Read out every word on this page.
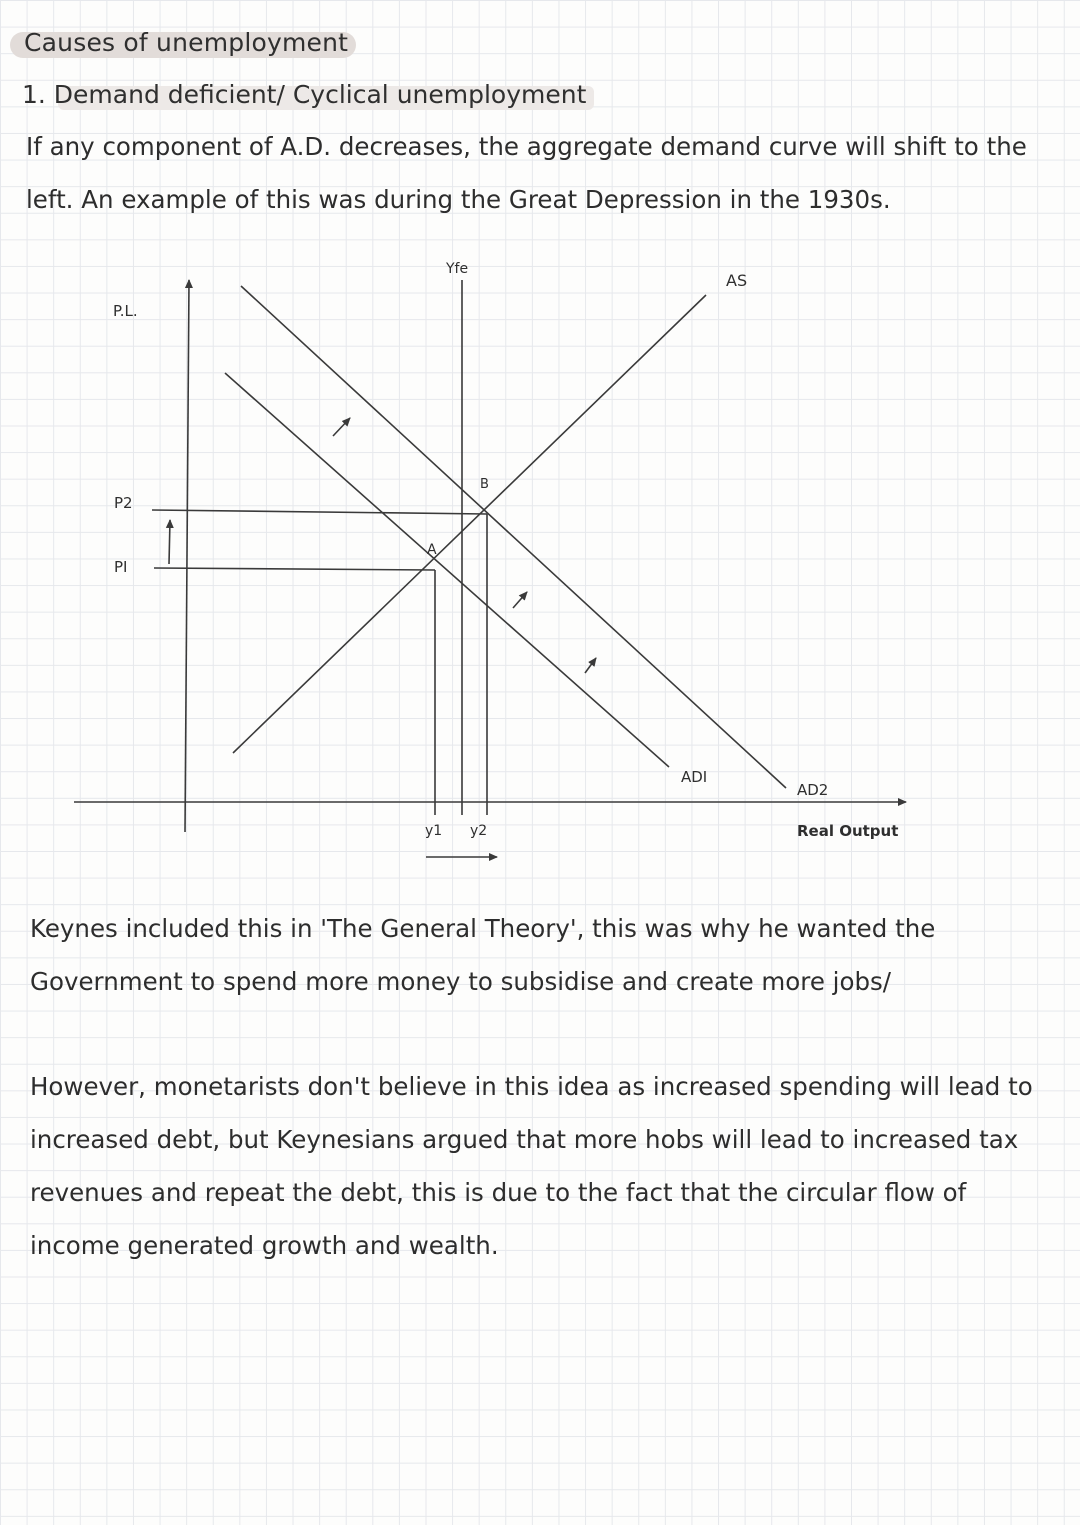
Causes of unemployment
1. Demand deficient/ Cyclical unemployment
If any component of A.D. decreases, the aggregate demand curve will shift to the
left. An example of this was during the Great Depression in the 1930s.
P.L.
Yfe
AS
P2
PI
A
B
ADI
AD2
y1 y2	Real Output
Keynes included this in 'The General Theory', this was why he wanted the
Government to spend more money to subsidise and create more jobs/
However, monetarists don't believe in this idea as increased spending will lead to
increased debt, but Keynesians argued that more hobs will lead to increased tax
revenues and repeat the debt, this is due to the fact that the circular flow of
income generated growth and wealth.
